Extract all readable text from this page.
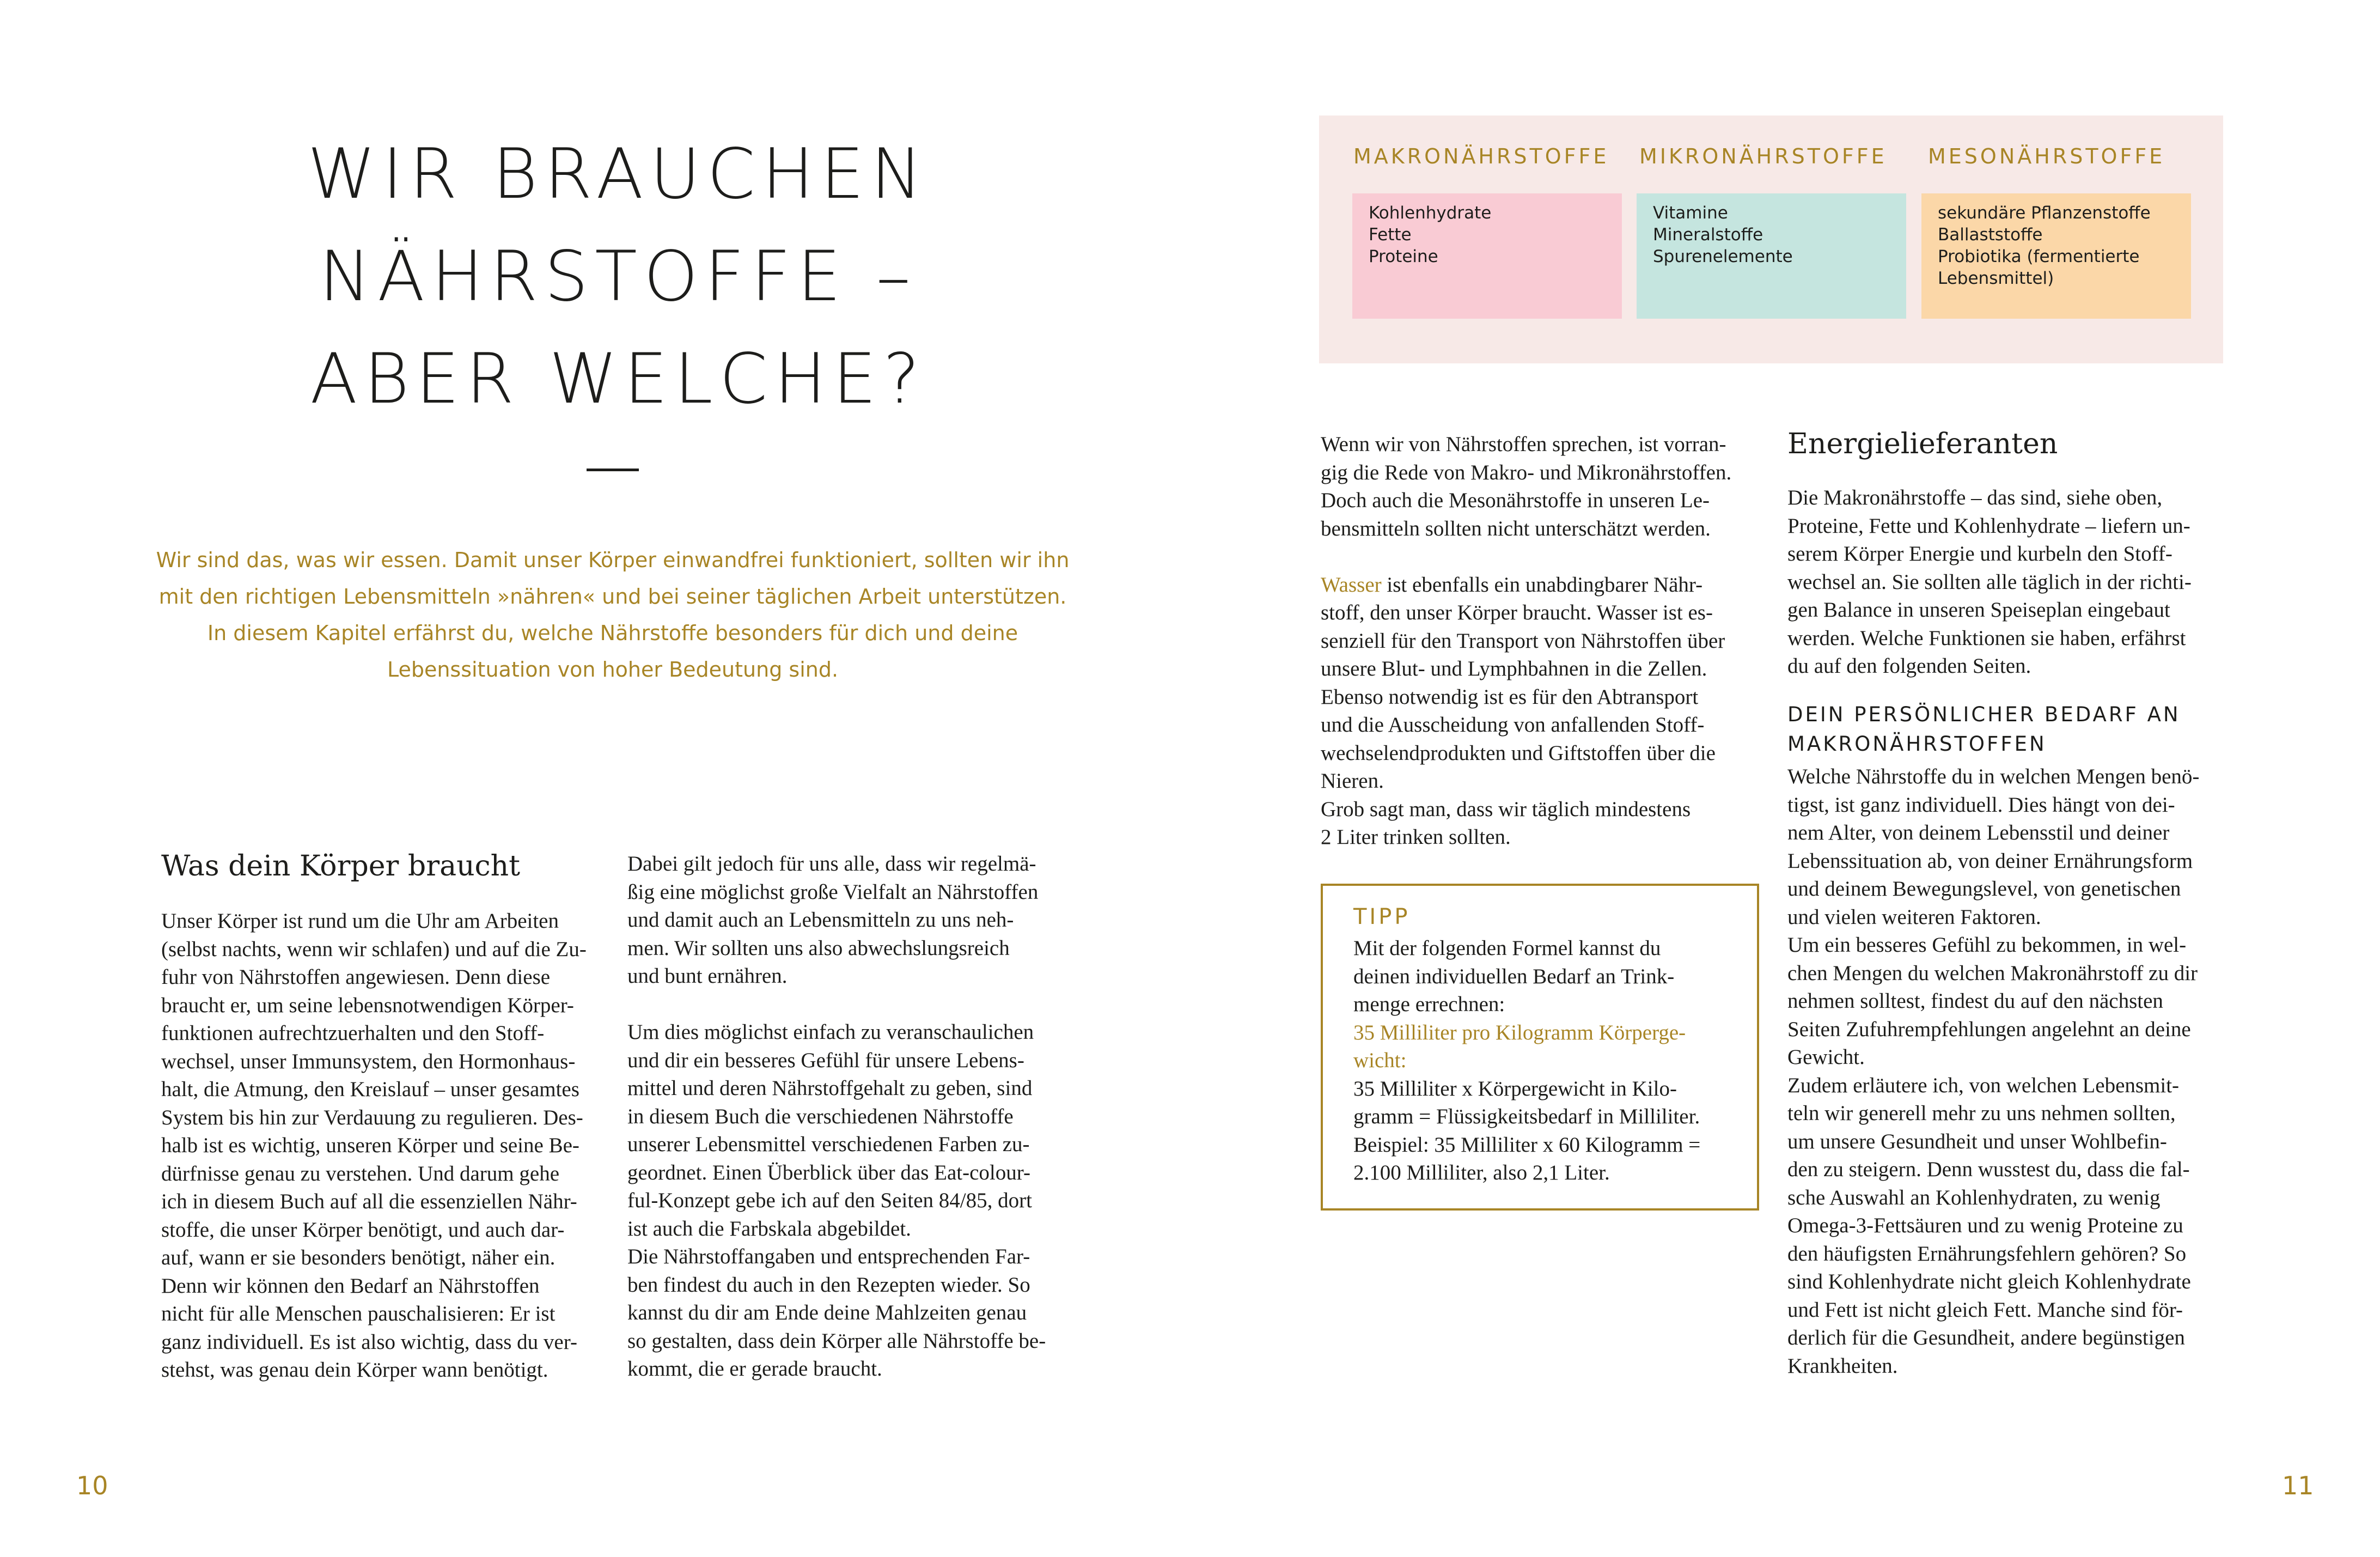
WIR BRAUCHEN
NÄHRSTOFFE –
ABER WELCHE?
Wir sind das, was wir essen. Damit unser Körper einwandfrei funktioniert, sollten wir ihn
mit den richtigen Lebensmitteln »nähren« und bei seiner täglichen Arbeit unterstützen.
In diesem Kapitel erfährst du, welche Nährstoffe besonders für dich und deine
Lebenssituation von hoher Bedeutung sind.
Was dein Körper braucht
Unser Körper ist rund um die Uhr am Arbeiten
(selbst nachts, wenn wir schlafen) und auf die Zu-
fuhr von Nährstoffen angewiesen. Denn diese
braucht er, um seine lebensnotwendigen Körper-
funktionen aufrechtzuerhalten und den Stoff-
wechsel, unser Immunsystem, den Hormonhaus-
halt, die Atmung, den Kreislauf – unser gesamtes
System bis hin zur Verdauung zu regulieren. Des-
halb ist es wichtig, unseren Körper und seine Be-
dürfnisse genau zu verstehen. Und darum gehe
ich in diesem Buch auf all die essenziellen Nähr-
stoffe, die unser Körper benötigt, und auch dar-
auf, wann er sie besonders benötigt, näher ein.
Denn wir können den Bedarf an Nährstoffen
nicht für alle Menschen pauschalisieren: Er ist
ganz individuell. Es ist also wichtig, dass du ver-
stehst, was genau dein Körper wann benötigt.
Dabei gilt jedoch für uns alle, dass wir regelmä-
ßig eine möglichst große Vielfalt an Nährstoffen
und damit auch an Lebensmitteln zu uns neh-
men. Wir sollten uns also abwechslungsreich
und bunt ernähren.
Um dies möglichst einfach zu veranschaulichen
und dir ein besseres Gefühl für unsere Lebens-
mittel und deren Nährstoffgehalt zu geben, sind
in diesem Buch die verschiedenen Nährstoffe
unserer Lebensmittel verschiedenen Farben zu-
geordnet. Einen Überblick über das Eat-colour-
ful-Konzept gebe ich auf den Seiten 84/85, dort
ist auch die Farbskala abgebildet.
Die Nährstoffangaben und entsprechenden Far-
ben findest du auch in den Rezepten wieder. So
kannst du dir am Ende deine Mahlzeiten genau
so gestalten, dass dein Körper alle Nährstoffe be-
kommt, die er gerade braucht.
10
MAKRONÄHRSTOFFE MIKRONÄHRSTOFFE MESONÄHRSTOFFE
Kohlenhydrate
Fette
Proteine
Vitamine
Mineralstoffe
Spurenelemente
sekundäre Pflanzenstoffe
Ballaststoffe
Probiotika (fermentierte
Lebensmittel)
Wenn wir von Nährstoffen sprechen, ist vorran-
gig die Rede von Makro- und Mikronährstoffen.
Doch auch die Mesonährstoffe in unseren Le-
bensmitteln sollten nicht unterschätzt werden.
Wasser ist ebenfalls ein unabdingbarer Nähr-
stoff, den unser Körper braucht. Wasser ist es-
senziell für den Transport von Nährstoffen über
unsere Blut- und Lymphbahnen in die Zellen.
Ebenso notwendig ist es für den Abtransport
und die Ausscheidung von anfallenden Stoff-
wechselendprodukten und Giftstoffen über die
Nieren.
Grob sagt man, dass wir täglich mindestens
2 Liter trinken sollten.
TIPP
Mit der folgenden Formel kannst du
deinen individuellen Bedarf an Trink-
menge errechnen:
35 Milliliter pro Kilogramm Körperge-
wicht:
35 Milliliter x Körpergewicht in Kilo-
gramm = Flüssigkeitsbedarf in Milliliter.
Beispiel: 35 Milliliter x 60 Kilogramm =
2.100 Milliliter, also 2,1 Liter.
Energielieferanten
Die Makronährstoffe – das sind, siehe oben,
Proteine, Fette und Kohlenhydrate – liefern un-
serem Körper Energie und kurbeln den Stoff-
wechsel an. Sie sollten alle täglich in der richti-
gen Balance in unseren Speiseplan eingebaut
werden. Welche Funktionen sie haben, erfährst
du auf den folgenden Seiten.
DEIN PERSÖNLICHER BEDARF AN
MAKRONÄHRSTOFFEN
Welche Nährstoffe du in welchen Mengen benö-
tigst, ist ganz individuell. Dies hängt von dei-
nem Alter, von deinem Lebensstil und deiner
Lebenssituation ab, von deiner Ernährungsform
und deinem Bewegungslevel, von genetischen
und vielen weiteren Faktoren.
Um ein besseres Gefühl zu bekommen, in wel-
chen Mengen du welchen Makronährstoff zu dir
nehmen solltest, findest du auf den nächsten
Seiten Zufuhrempfehlungen angelehnt an deine
Gewicht.
Zudem erläutere ich, von welchen Lebensmit-
teln wir generell mehr zu uns nehmen sollten,
um unsere Gesundheit und unser Wohlbefin-
den zu steigern. Denn wusstest du, dass die fal-
sche Auswahl an Kohlenhydraten, zu wenig
Omega-3-Fettsäuren und zu wenig Proteine zu
den häufigsten Ernährungsfehlern gehören? So
sind Kohlenhydrate nicht gleich Kohlenhydrate
und Fett ist nicht gleich Fett. Manche sind för-
derlich für die Gesundheit, andere begünstigen
Krankheiten.
11
